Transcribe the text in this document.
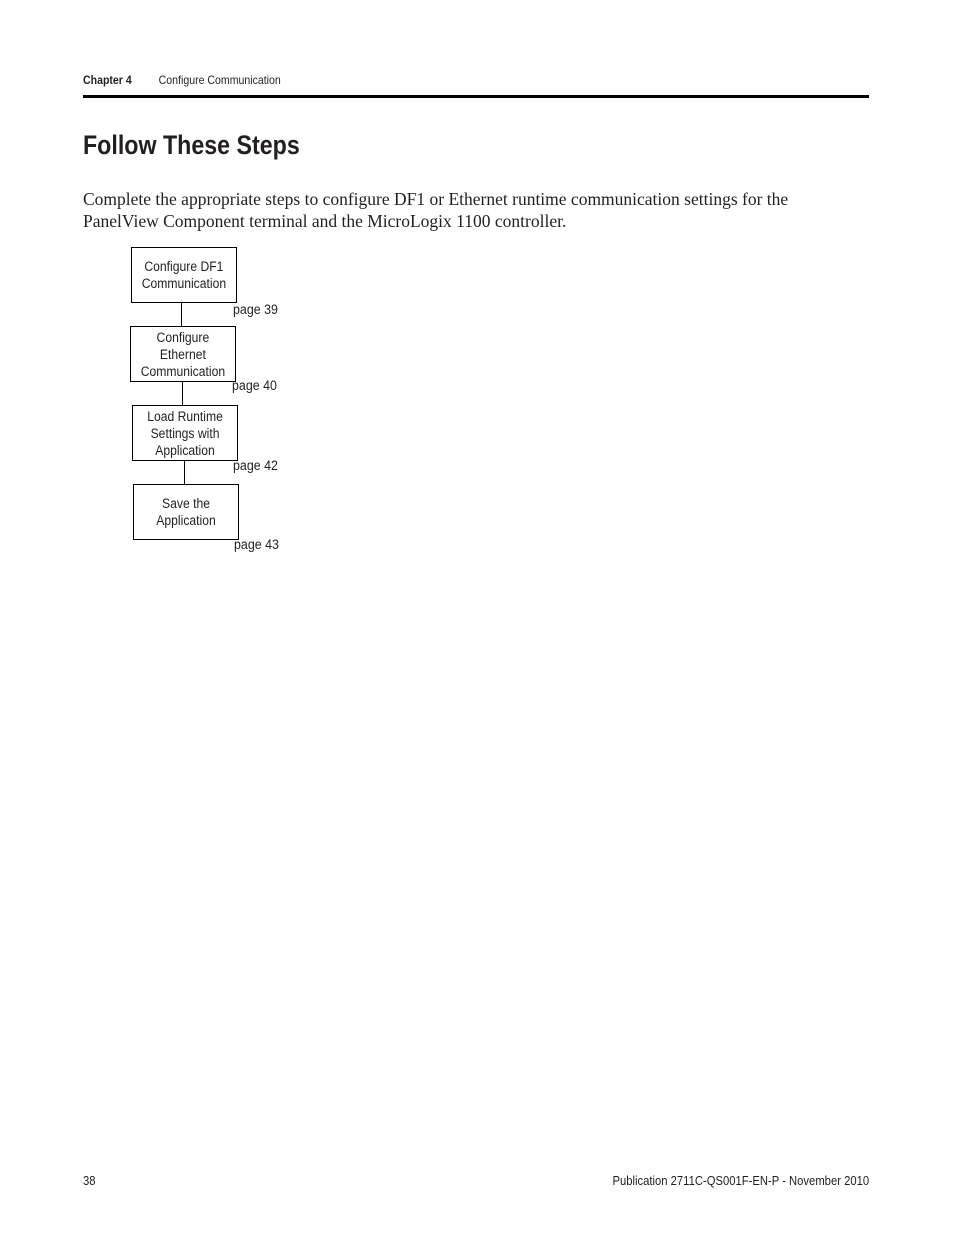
Chapter 4 Configure Communication
Follow These Steps

Complete the appropriate steps to configure DF1 or Ethernet runtime communication settings for the PanelView Component terminal and the MicroLogix 1100 controller.

Configure DF1
Communication
page 39
Configure
Ethernet
Communication
page 40
Load Runtime
Settings with
Application
page 42
Save the
Application
page 43
38	Publication 2711C-QS001F-EN-P - November 2010
